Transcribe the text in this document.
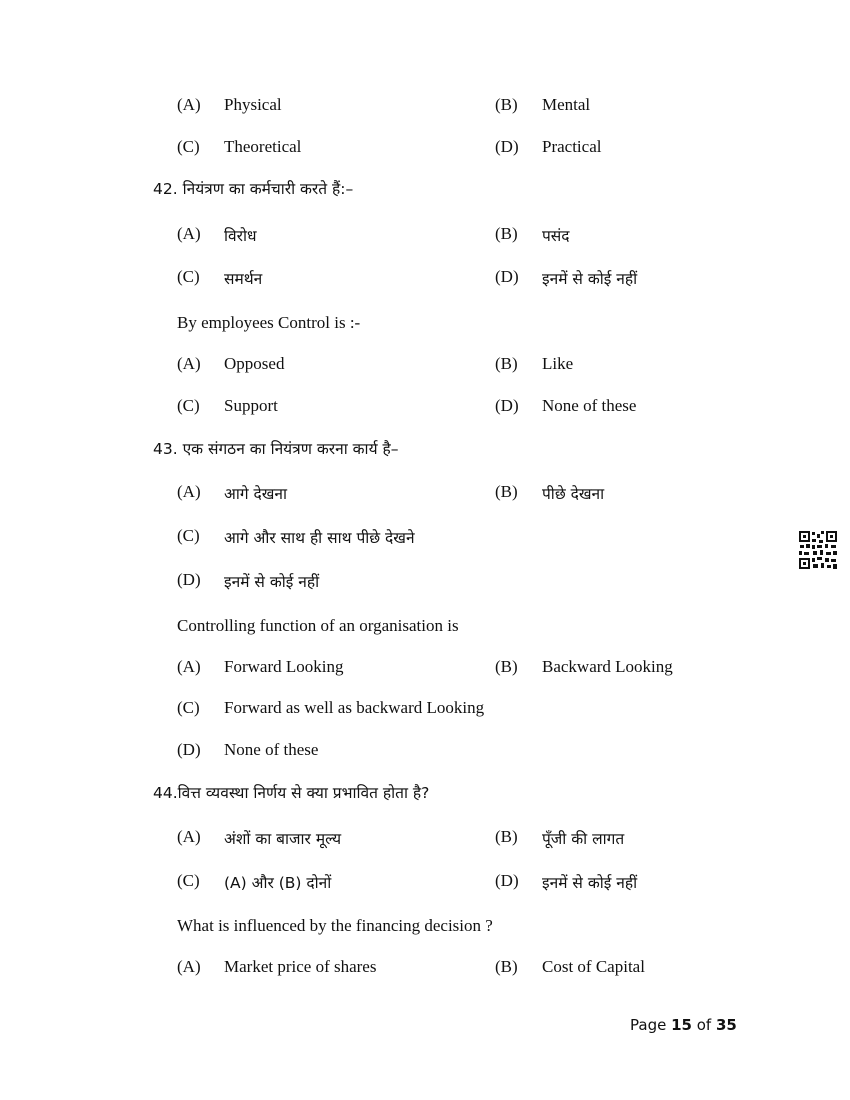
(A) Physical	(B) Mental
(C) Theoretical	(D) Practical
42. नियंत्रण का कर्मचारी करते हैं:–
(A) विरोध	(B) पसंद
(C) समर्थन	(D) इनमें से कोई नहीं
By employees Control is :-
(A) Opposed	(B) Like
(C) Support	(D) None of these
43. एक संगठन का नियंत्रण करना कार्य है–
(A) आगे देखना	(B) पीछे देखना
(C) आगे और साथ ही साथ पीछे देखने
(D) इनमें से कोई नहीं
Controlling function of an organisation is
(A) Forward Looking	(B) Backward Looking
(C) Forward as well as backward Looking
(D) None of these
44.वित्त व्यवस्था निर्णय से क्या प्रभावित होता है?
(A) अंशों का बाजार मूल्य	(B) पूँजी की लागत
(C) (A) और (B) दोनों	(D) इनमें से कोई नहीं
What is influenced by the financing decision ?
(A) Market price of shares	(B) Cost of Capital
Page 15 of 35
